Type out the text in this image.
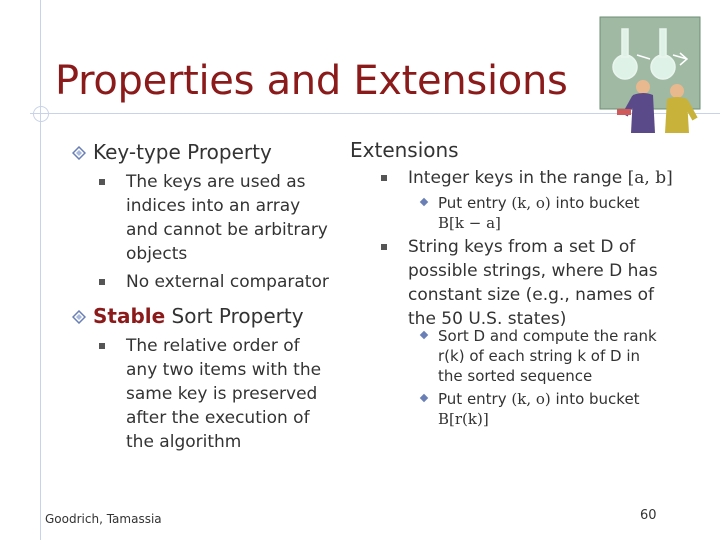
Properties and Extensions
Key-type Property
The keys are used as
indices into an array
and cannot be arbitrary
objects
No external comparator
Stable Sort Property
The relative order of
any two items with the
same key is preserved
after the execution of
the algorithm
Extensions
Integer keys in the range [a, b]
Put entry (k, o) into bucket
B[k − a]
String keys from a set D of
possible strings, where D has
constant size (e.g., names of
the 50 U.S. states)
Sort D and compute the rank
r(k) of each string k of D in
the sorted sequence
Put entry (k, o) into bucket
B[r(k)]
Goodrich, Tamassia	60
